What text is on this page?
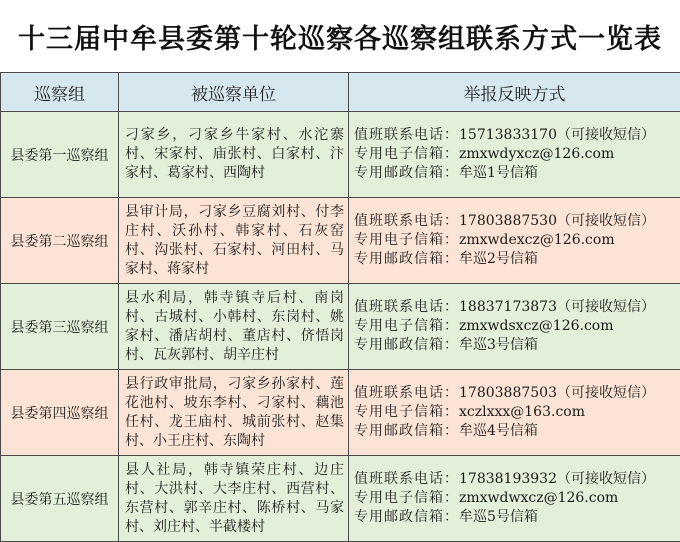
十三届中牟县委第十轮巡察各巡察组联系方式一览表
巡察组	被巡察单位	举报反映方式
县委第一巡察组	刁家乡，刁家乡牛家村、水沱寨村、宋家村、庙张村、白家村、汴家村、葛家村、西陶村	值班联系电话：15713833170（可接收短信）
专用电子信箱：zmxwdyxcz@126.com
专用邮政信箱：牟巡1号信箱

县委第二巡察组	县审计局，刁家乡豆腐刘村、付李庄村、沃孙村、韩家村、石灰窑村、沟张村、石家村、河田村、马家村、蒋家村	值班联系电话：17803887530（可接收短信）
专用电子信箱：zmxwdexcz@126.com
专用邮政信箱：牟巡2号信箱

县委第三巡察组	县水利局，韩寺镇寺后村、南岗村、古城村、小韩村、东岗村、姚家村、潘店胡村、董店村、侪悟岗村、瓦灰郭村、胡辛庄村	值班联系电话：18837173873（可接收短信）
专用电子信箱：zmxwdsxcz@126.com
专用邮政信箱：牟巡3号信箱

县委第四巡察组	县行政审批局，刁家乡孙家村、莲花池村、坡东李村、刁家村、藕池任村、龙王庙村、城前张村、赵集村、小王庄村、东陶村	值班联系电话：17803887503（可接收短信）
专用电子信箱：xczlxxx@163.com
专用邮政信箱：牟巡4号信箱

县委第五巡察组	县人社局，韩寺镇荣庄村、边庄村、大洪村、大李庄村、西营村、东营村、郭辛庄村、陈桥村、马家村、刘庄村、半截楼村	值班联系电话：17838193932（可接收短信）
专用电子信箱：zmxwdwxcz@126.com
专用邮政信箱：牟巡5号信箱
